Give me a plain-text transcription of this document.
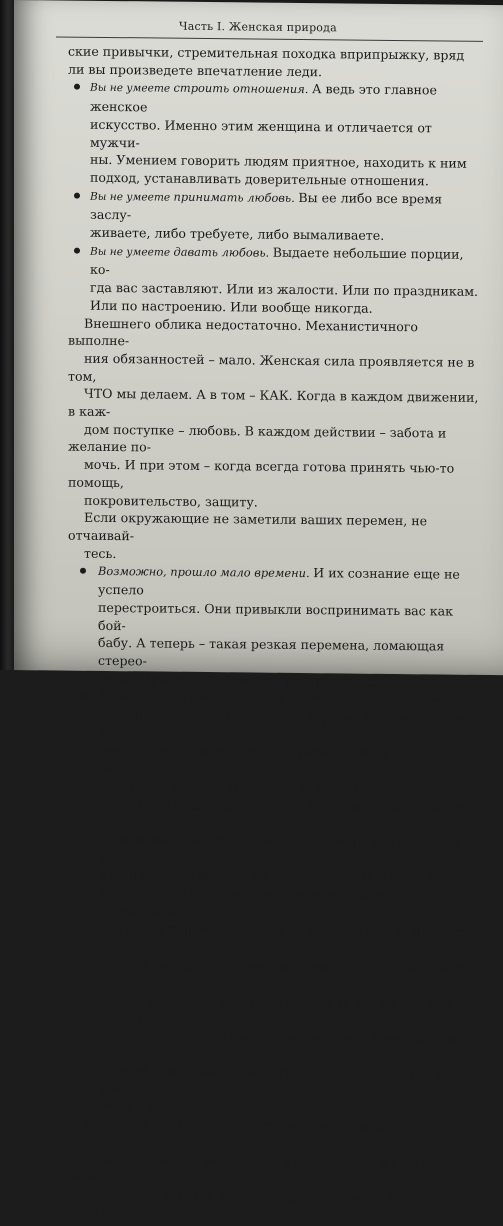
Часть I. Женская природа

ские привычки, стремительная походка вприпрыжку, вряд
ли вы произведете впечатление леди.

Вы не умеете строить отношения. А ведь это главное женское
искусство. Именно этим женщина и отличается от мужчи-
ны. Умением говорить людям приятное, находить к ним
подход, устанавливать доверительные отношения.

Вы не умеете принимать любовь. Вы ее либо все время заслу-
живаете, либо требуете, либо вымаливаете.

Вы не умеете давать любовь. Выдаете небольшие порции, ко-
гда вас заставляют. Или из жалости. Или по праздникам.
Или по настроению. Или вообще никогда.

Внешнего облика недостаточно. Механистичного выполне-
ния обязанностей – мало. Женская сила проявляется не в том,
ЧТО мы делаем. А в том – КАК. Когда в каждом движении, в каж-
дом поступке – любовь. В каждом действии – забота и желание по-
мочь. И при этом – когда всегда готова принять чью-то помощь,
покровительство, защиту.

Если окружающие не заметили ваших перемен, не отчаивай-
тесь.

Возможно, прошло мало времени. И их сознание еще не успело
перестроиться. Они привыкли воспринимать вас как бой-
бабу. А теперь – такая резкая перемена, ломающая стерео-
типы. Просто продолжайте раскрывать свою суть.

Возможно, вы пока не прошли внутренней трансформации. Внешние перемены – это тоже хорошо. Особенно если вы
никогда не носили платьев и украшений, а сейчас разре-
шили себе все это. Просто помните, что внешнего недо-
статочно. Нужно идти дальше и глубже. Учиться вести себя
по-женски, двигаться, говорить, думать и чувствовать как
женщина. Это долгий, но очень увлекательный процесс.

Возможно, вы слишком сильно ждете одобрения и подтвержде-
ния своих перемен. Никому не понравится, если вы что-то
с собой сделали, а потом «выставили счет». Например, «я
иду на жертву – и ношу платья. Но за это ты должен начать
больше зарабатывать». Так не работает. Меняться ради то-
го, чтобы заставить измениться другого, – пустая трата вре-
мени и сил.

Меняться стоит. Раскрывать свою женственность стоит. Но го-
ворить о том, что вы глубоко и естественно женственны, можно
только тогда, когда вам не придется никому это доказывать. Ко-
